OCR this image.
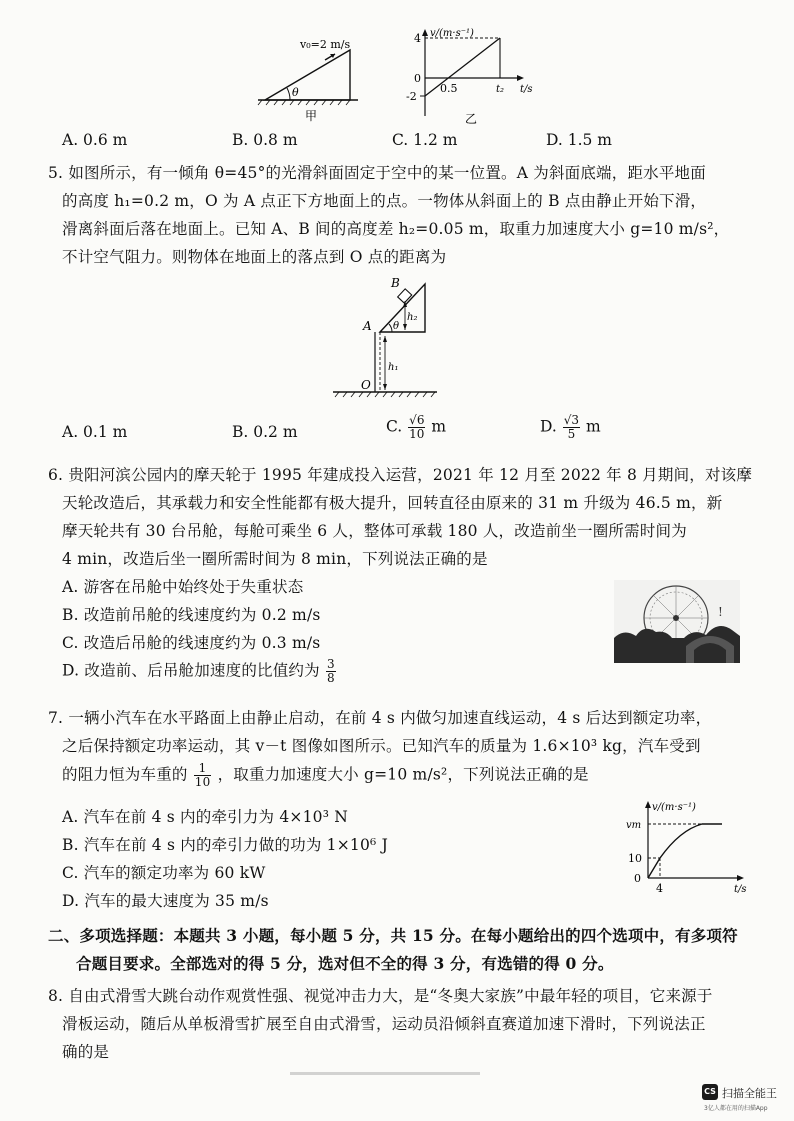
θ
v₀=2 m/s
甲
v/(m·s⁻¹)
4
0
-2
0.5	t₂ t/s
乙
A. 0.6 m	B. 0.8 m	C. 1.2 m	D. 1.5 m
5. 如图所示，有一倾角 θ=45°的光滑斜面固定于空中的某一位置。A 为斜面底端，距水平地面
的高度 h₁=0.2 m，O 为 A 点正下方地面上的点。一物体从斜面上的 B 点由静止开始下滑，
滑离斜面后落在地面上。已知 A、B 间的高度差 h₂=0.05 m，取重力加速度大小 g=10 m/s²，
不计空气阻力。则物体在地面上的落点到 O 点的距离为
B
A θ
h₂
h₁
O
A. 0.1 m	B. 0.2 m	C. $\frac{√6}{10}$ m	D. $\frac{√3}{5}$ m
6. 贵阳河滨公园内的摩天轮于 1995 年建成投入运营，2021 年 12 月至 2022 年 8 月期间，对该摩
天轮改造后，其承载力和安全性能都有极大提升，回转直径由原来的 31 m 升级为 46.5 m，新
摩天轮共有 30 台吊舱，每舱可乘坐 6 人，整体可承载 180 人，改造前坐一圈所需时间为
4 min，改造后坐一圈所需时间为 8 min，下列说法正确的是
A. 游客在吊舱中始终处于失重状态
B. 改造前吊舱的线速度约为 0.2 m/s
C. 改造后吊舱的线速度约为 0.3 m/s
D. 改造前、后吊舱加速度的比值约为 $\frac{3}{8}$
!
7. 一辆小汽车在水平路面上由静止启动，在前 4 s 内做匀加速直线运动，4 s 后达到额定功率，
之后保持额定功率运动，其 v－t 图像如图所示。已知汽车的质量为 1.6×10³ kg，汽车受到
的阻力恒为车重的 $\frac{1}{10}$ ，取重力加速度大小 g=10 m/s²，下列说法正确的是
A. 汽车在前 4 s 内的牵引力为 4×10³ N
B. 汽车在前 4 s 内的牵引力做的功为 1×10⁶ J
C. 汽车的额定功率为 60 kW
D. 汽车的最大速度为 35 m/s
v/(m·s⁻¹)
vm
10
0
4	t/s
二、多项选择题：本题共 3 小题，每小题 5 分，共 15 分。在每小题给出的四个选项中，有多项符
合题目要求。全部选对的得 5 分，选对但不全的得 3 分，有选错的得 0 分。
8. 自由式滑雪大跳台动作观赏性强、视觉冲击力大，是“冬奥大家族”中最年轻的项目，它来源于
滑板运动，随后从单板滑雪扩展至自由式滑雪，运动员沿倾斜直赛道加速下滑时，下列说法正
确的是
CS 扫描全能王
3亿人都在用的扫描App
